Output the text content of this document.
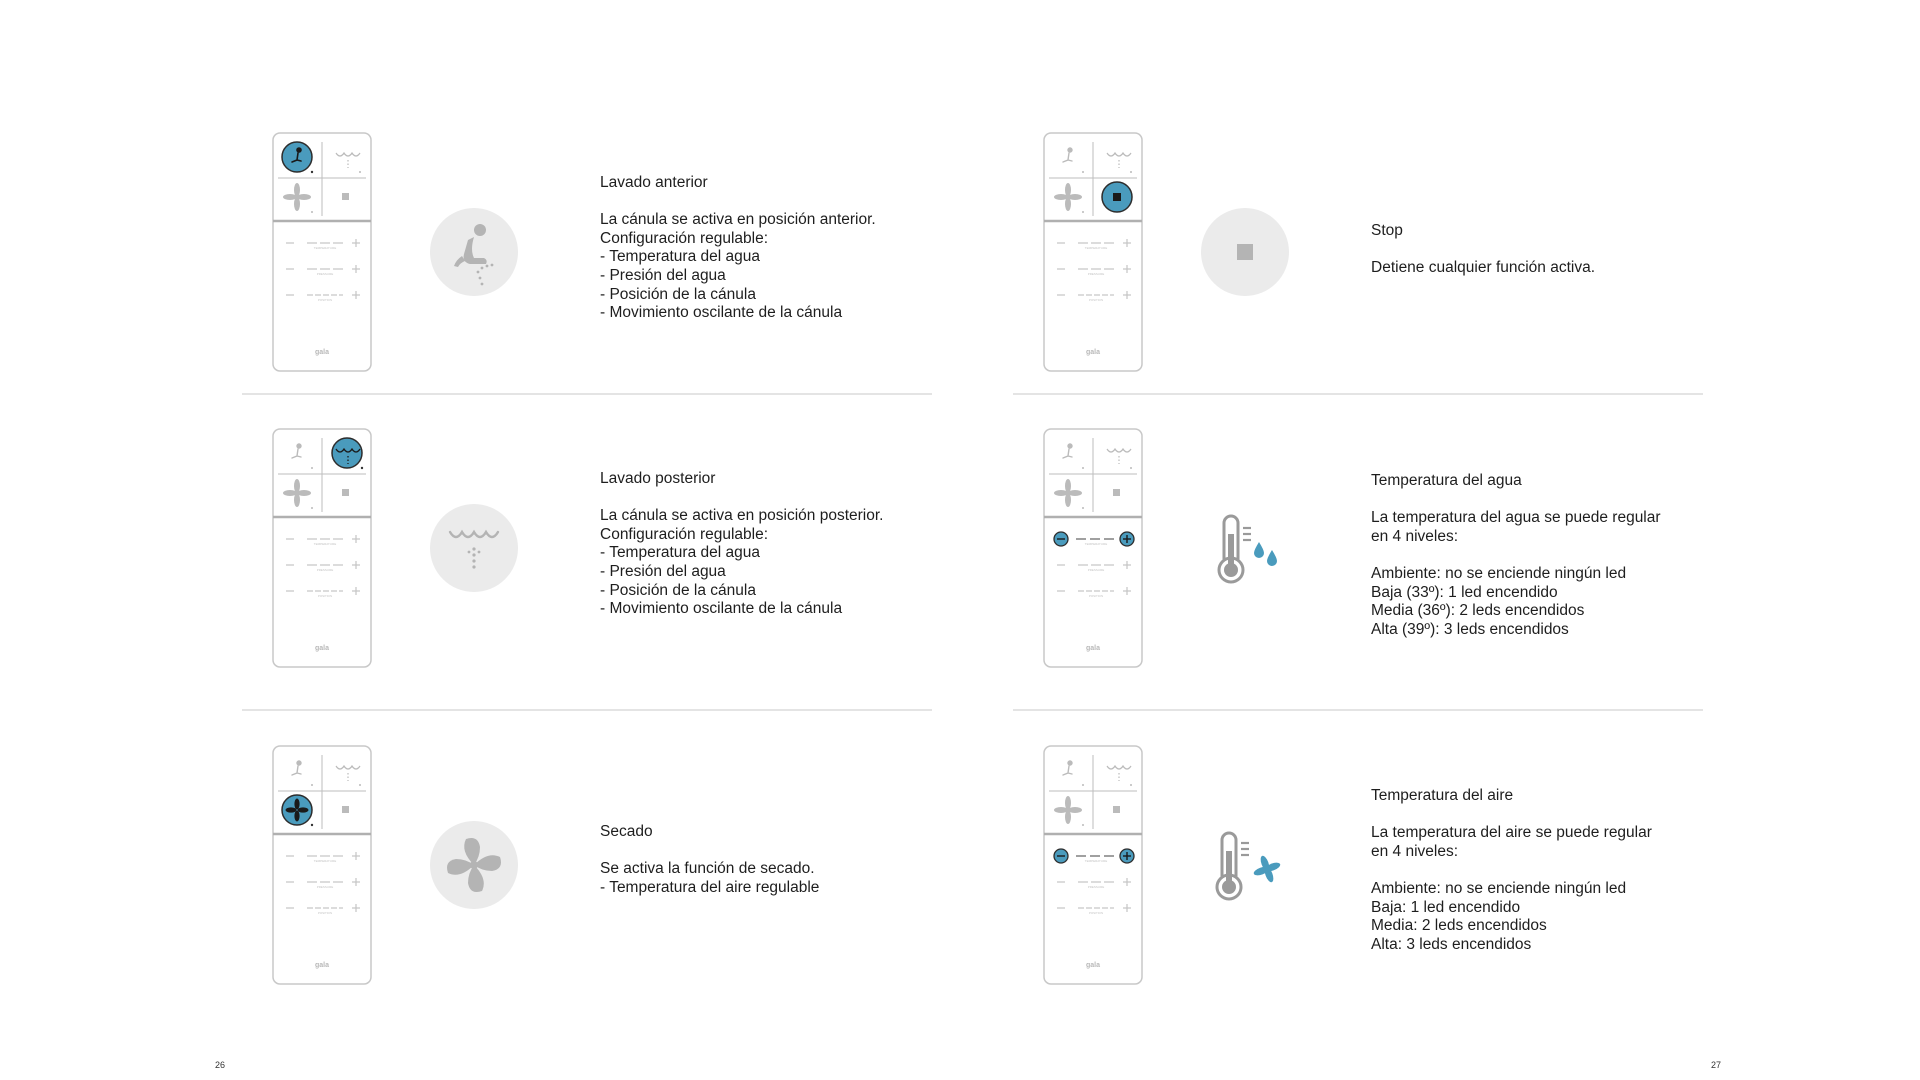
TEMPERATURE
PRESSURE
POSITION
gala
Lavado anterior
La cánula se activa en posición anterior.
Configuración regulable:
- Temperatura del agua
- Presión del agua
- Posición de la cánula
- Movimiento oscilante de la cánula
TEMPERATURE
PRESSURE
POSITION
gala
Lavado posterior
La cánula se activa en posición posterior.
Configuración regulable:
- Temperatura del agua
- Presión del agua
- Posición de la cánula
- Movimiento oscilante de la cánula
TEMPERATURE
PRESSURE
POSITION
gala
Secado
Se activa la función de secado.
- Temperatura del aire regulable
26
TEMPERATURE
PRESSURE
POSITION
gala
Stop
Detiene cualquier función activa.
TEMPERATURE
PRESSURE
POSITION
gala
Temperatura del agua
La temperatura del agua se puede regular
en 4 niveles:
Ambiente: no se enciende ningún led
Baja (33º): 1 led encendido
Media (36º): 2 leds encendidos
Alta (39º): 3 leds encendidos
TEMPERATURE
PRESSURE
POSITION
gala
Temperatura del aire
La temperatura del aire se puede regular
en 4 niveles:
Ambiente: no se enciende ningún led
Baja: 1 led encendido
Media: 2 leds encendidos
Alta: 3 leds encendidos
27
